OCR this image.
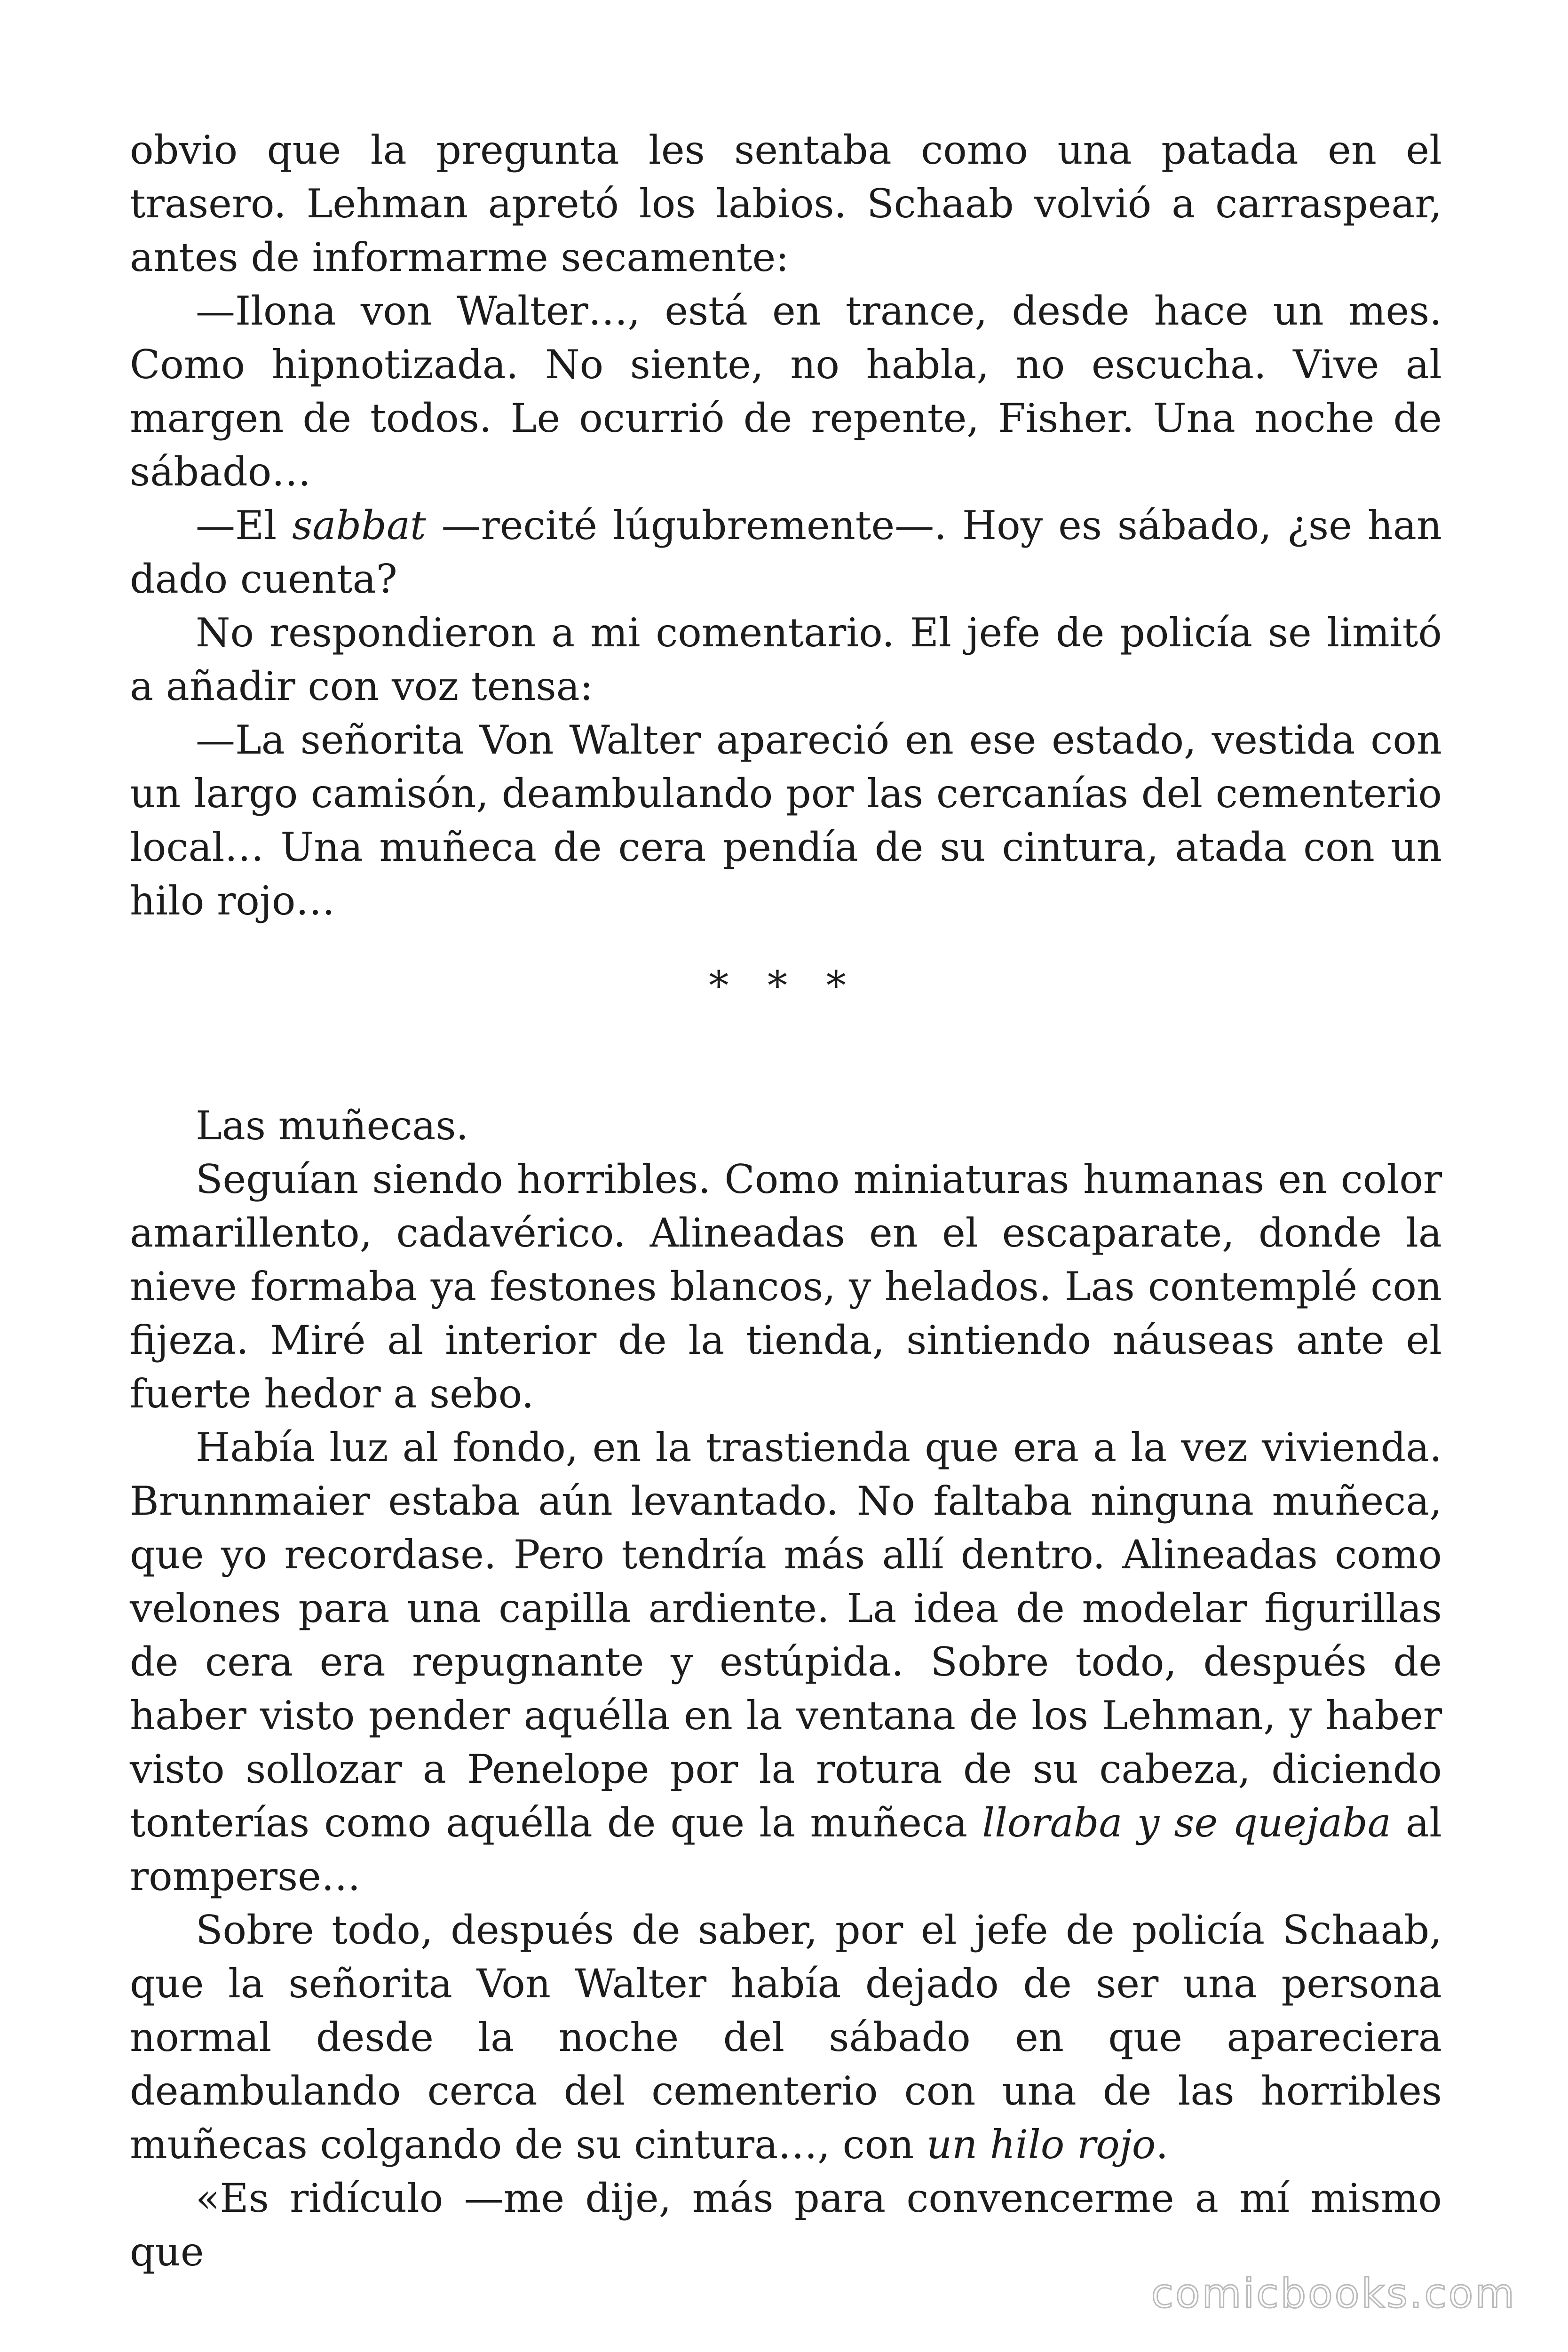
obvio que la pregunta les sentaba como una patada en el trasero. Lehman apretó los labios. Schaab volvió a carraspear, antes de informarme secamente:

—Ilona von Walter…, está en trance, desde hace un mes. Como hipnotizada. No siente, no habla, no escucha. Vive al margen de todos. Le ocurrió de repente, Fisher. Una noche de sábado…

—El sabbat —recité lúgubremente—. Hoy es sábado, ¿se han dado cuenta?

No respondieron a mi comentario. El jefe de policía se limitó a añadir con voz tensa:

—La señorita Von Walter apareció en ese estado, vestida con un largo camisón, deambulando por las cercanías del cementerio local… Una muñeca de cera pendía de su cintura, atada con un hilo rojo…

* * *

Las muñecas.

Seguían siendo horribles. Como miniaturas humanas en color amarillento, cadavérico. Alineadas en el escaparate, donde la nieve formaba ya festones blancos, y helados. Las contemplé con fijeza. Miré al interior de la tienda, sintiendo náuseas ante el fuerte hedor a sebo.

Había luz al fondo, en la trastienda que era a la vez vivienda. Brunnmaier estaba aún levantado. No faltaba ninguna muñeca, que yo recordase. Pero tendría más allí dentro. Alineadas como velones para una capilla ardiente. La idea de modelar figurillas de cera era repugnante y estúpida. Sobre todo, después de haber visto pender aquélla en la ventana de los Lehman, y haber visto sollozar a Penelope por la rotura de su cabeza, diciendo tonterías como aquélla de que la muñeca lloraba y se quejaba al romperse…

Sobre todo, después de saber, por el jefe de policía Schaab, que la señorita Von Walter había dejado de ser una persona normal desde la noche del sábado en que apareciera deambulando cerca del cementerio con una de las horribles muñecas colgando de su cintura…, con un hilo rojo.

«Es ridículo —me dije, más para convencerme a mí mismo que

comicbooks.com
